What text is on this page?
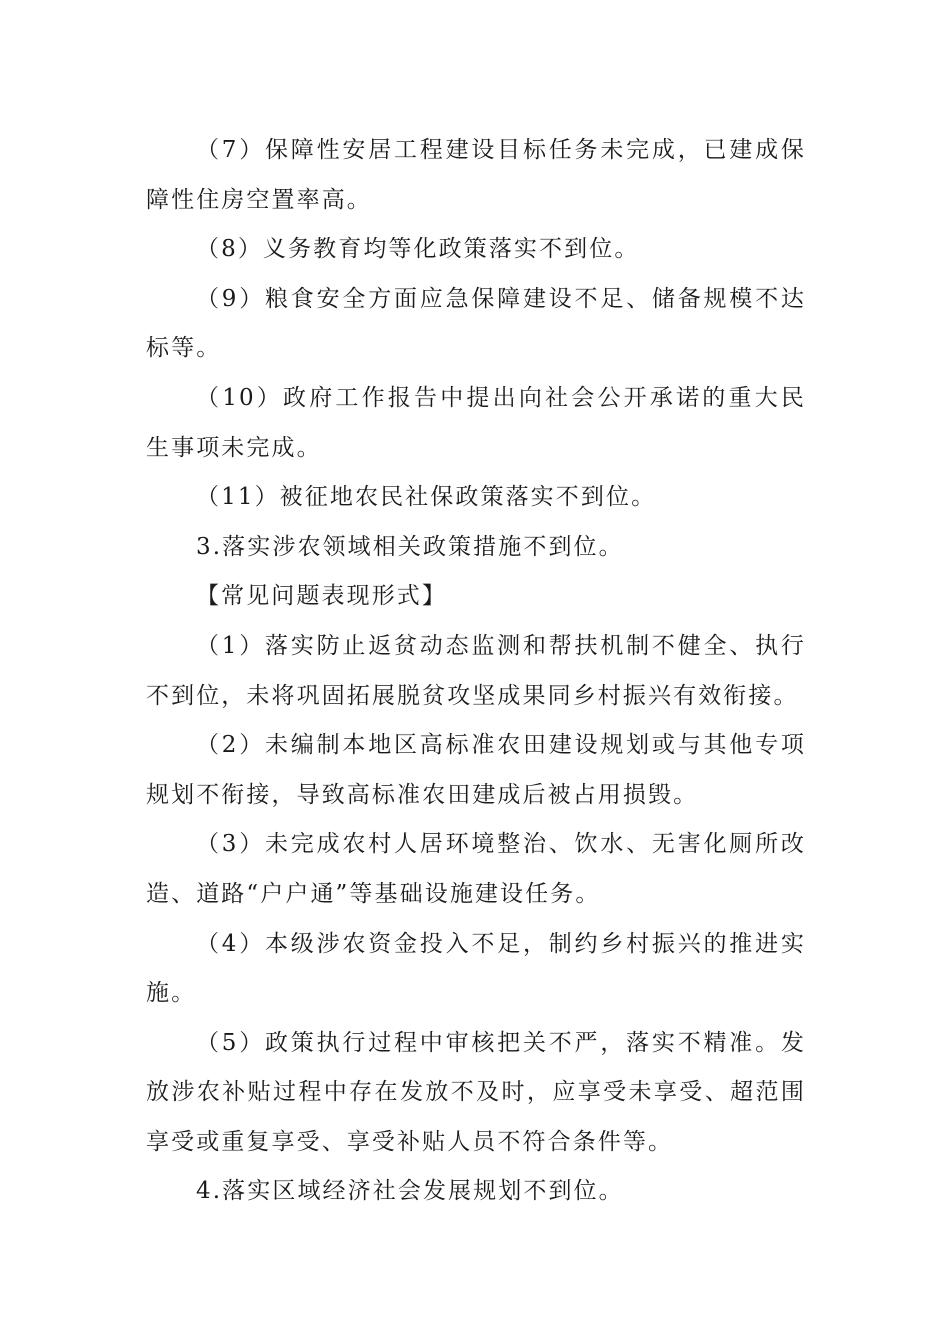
（7）保障性安居工程建设目标任务未完成，已建成保障性住房空置率高。

（8）义务教育均等化政策落实不到位。

（9）粮食安全方面应急保障建设不足、储备规模不达标等。

（10）政府工作报告中提出向社会公开承诺的重大民生事项未完成。

（11）被征地农民社保政策落实不到位。

3.落实涉农领域相关政策措施不到位。

【常见问题表现形式】

（1）落实防止返贫动态监测和帮扶机制不健全、执行不到位，未将巩固拓展脱贫攻坚成果同乡村振兴有效衔接。

（2）未编制本地区高标准农田建设规划或与其他专项规划不衔接，导致高标准农田建成后被占用损毁。

（3）未完成农村人居环境整治、饮水、无害化厕所改造、道路“户户通”等基础设施建设任务。

（4）本级涉农资金投入不足，制约乡村振兴的推进实施。

（5）政策执行过程中审核把关不严，落实不精准。发放涉农补贴过程中存在发放不及时，应享受未享受、超范围享受或重复享受、享受补贴人员不符合条件等。

4.落实区域经济社会发展规划不到位。
